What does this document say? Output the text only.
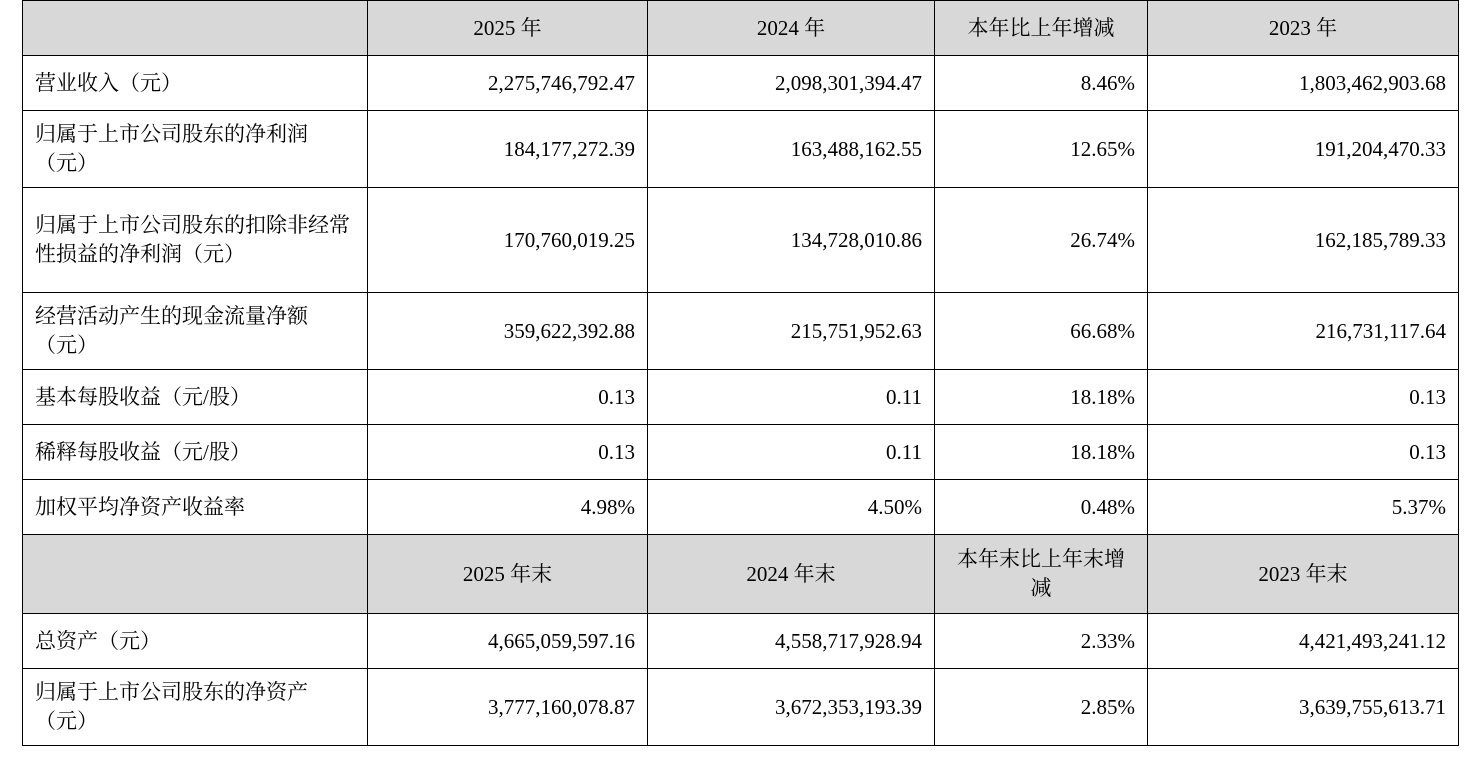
	2025 年	2024 年	本年比上年增减	2023 年
营业收入（元）	2,275,746,792.47	2,098,301,394.47	8.46%	1,803,462,903.68
归属于上市公司股东的净利润（元）	184,177,272.39	163,488,162.55	12.65%	191,204,470.33
归属于上市公司股东的扣除非经常性损益的净利润（元）	170,760,019.25	134,728,010.86	26.74%	162,185,789.33
经营活动产生的现金流量净额（元）	359,622,392.88	215,751,952.63	66.68%	216,731,117.64
基本每股收益（元/股）	0.13	0.11	18.18%	0.13
稀释每股收益（元/股）	0.13	0.11	18.18%	0.13
加权平均净资产收益率	4.98%	4.50%	0.48%	5.37%
	2025 年末	2024 年末	本年末比上年末增减	2023 年末
总资产（元）	4,665,059,597.16	4,558,717,928.94	2.33%	4,421,493,241.12
归属于上市公司股东的净资产（元）	3,777,160,078.87	3,672,353,193.39	2.85%	3,639,755,613.71
